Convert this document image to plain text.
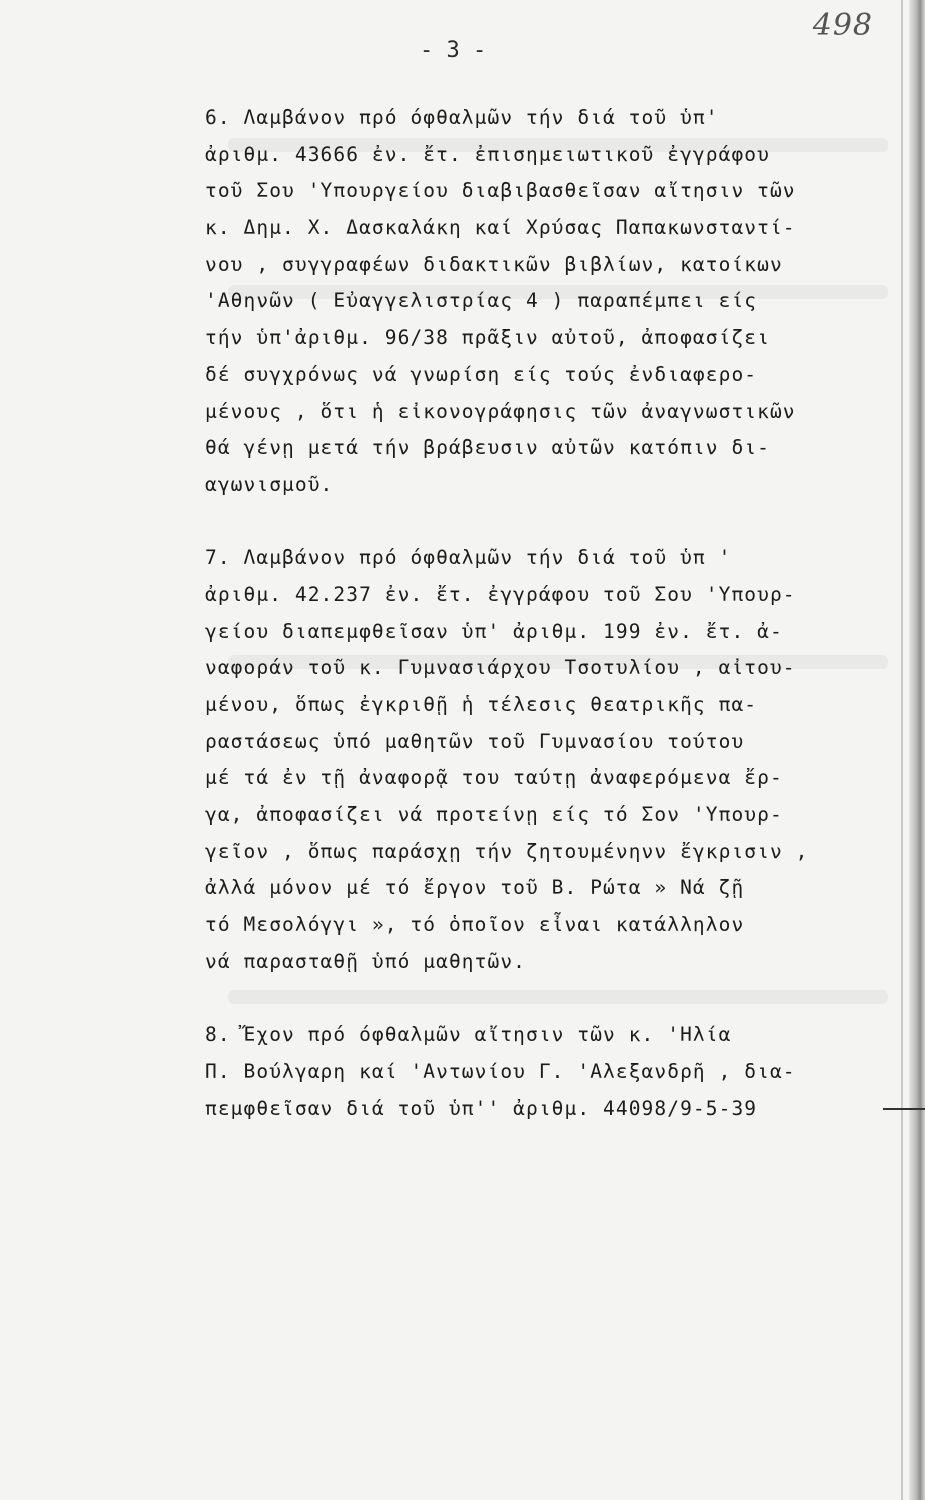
498
- 3 -
6. Λαμβάνον πρό όφθαλμῶν τήν διά τοῦ ὑπ'
ἀριθμ. 43666 ἐν. ἔτ. ἐπισημειωτικοῦ ἐγγράφου
τοῦ Σου 'Υπουργείου διαβιβασθεῖσαν αἴτησιν τῶν
κ. Δημ. Χ. Δασκαλάκη καί Χρύσας Παπακωνσταντί-
νου , συγγραφέων διδακτικῶν βιβλίων, κατοίκων
'Αθηνῶν ( Εὐαγγελιστρίας 4 ) παραπέμπει είς
τήν ὑπ'ἀριθμ. 96/38 πρᾶξιν αὐτοῦ, ἀποφασίζει
δέ συγχρόνως νά γνωρίση είς τούς ἐνδιαφερο-
μένους , ὅτι ἡ εἰκονογράφησις τῶν ἀναγνωστικῶν
θά γένῃ μετά τήν βράβευσιν αὐτῶν κατόπιν δι-
αγωνισμοῦ.
7. Λαμβάνον πρό όφθαλμῶν τήν διά τοῦ ὑπ '
ἀριθμ. 42.237 ἐν. ἔτ. ἐγγράφου τοῦ Σου 'Υπουρ-
γείου διαπεμφθεῖσαν ὑπ' ἀριθμ. 199 ἐν. ἔτ. ἀ-
ναφοράν τοῦ κ. Γυμνασιάρχου Τσοτυλίου , αἰτου-
μένου, ὅπως ἐγκριθῇ ἡ τέλεσις θεατρικῆς πα-
ραστάσεως ὑπό μαθητῶν τοῦ Γυμνασίου τούτου
μέ τά ἐν τῇ ἀναφορᾷ του ταύτῃ ἀναφερόμενα ἔρ-
γα, ἀποφασίζει νά προτείνῃ είς τό Σον 'Υπουρ-
γεῖον , ὅπως παράσχῃ τήν ζητουμένηνν ἔγκρισιν ,
ἀλλά μόνον μέ τό ἔργον τοῦ Β. Ρώτα » Νά ζῇ
τό Μεσολόγγι », τό ὁποῖον εἶναι κατάλληλον
νά παρασταθῇ ὑπό μαθητῶν.
8. Ἔχον πρό όφθαλμῶν αἴτησιν τῶν κ. 'Ηλία
Π. Βούλγαρη καί 'Αντωνίου Γ. 'Αλεξανδρῆ , δια-
πεμφθεῖσαν διά τοῦ ὑπ'' ἀριθμ. 44098/9-5-39
